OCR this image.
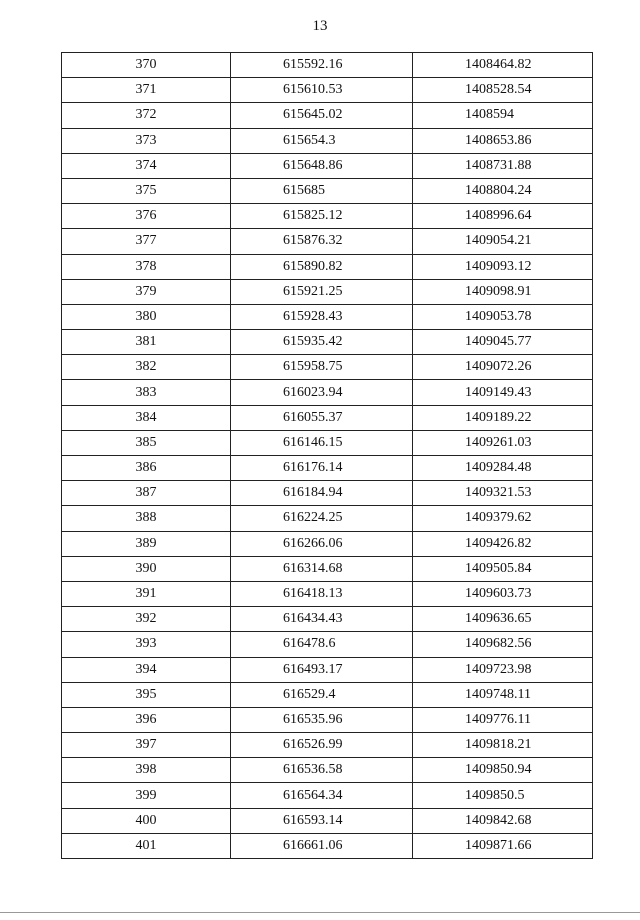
13
370	615592.16	1408464.82
371	615610.53	1408528.54
372	615645.02	1408594
373	615654.3	1408653.86
374	615648.86	1408731.88
375	615685	1408804.24
376	615825.12	1408996.64
377	615876.32	1409054.21
378	615890.82	1409093.12
379	615921.25	1409098.91
380	615928.43	1409053.78
381	615935.42	1409045.77
382	615958.75	1409072.26
383	616023.94	1409149.43
384	616055.37	1409189.22
385	616146.15	1409261.03
386	616176.14	1409284.48
387	616184.94	1409321.53
388	616224.25	1409379.62
389	616266.06	1409426.82
390	616314.68	1409505.84
391	616418.13	1409603.73
392	616434.43	1409636.65
393	616478.6	1409682.56
394	616493.17	1409723.98
395	616529.4	1409748.11
396	616535.96	1409776.11
397	616526.99	1409818.21
398	616536.58	1409850.94
399	616564.34	1409850.5
400	616593.14	1409842.68
401	616661.06	1409871.66
